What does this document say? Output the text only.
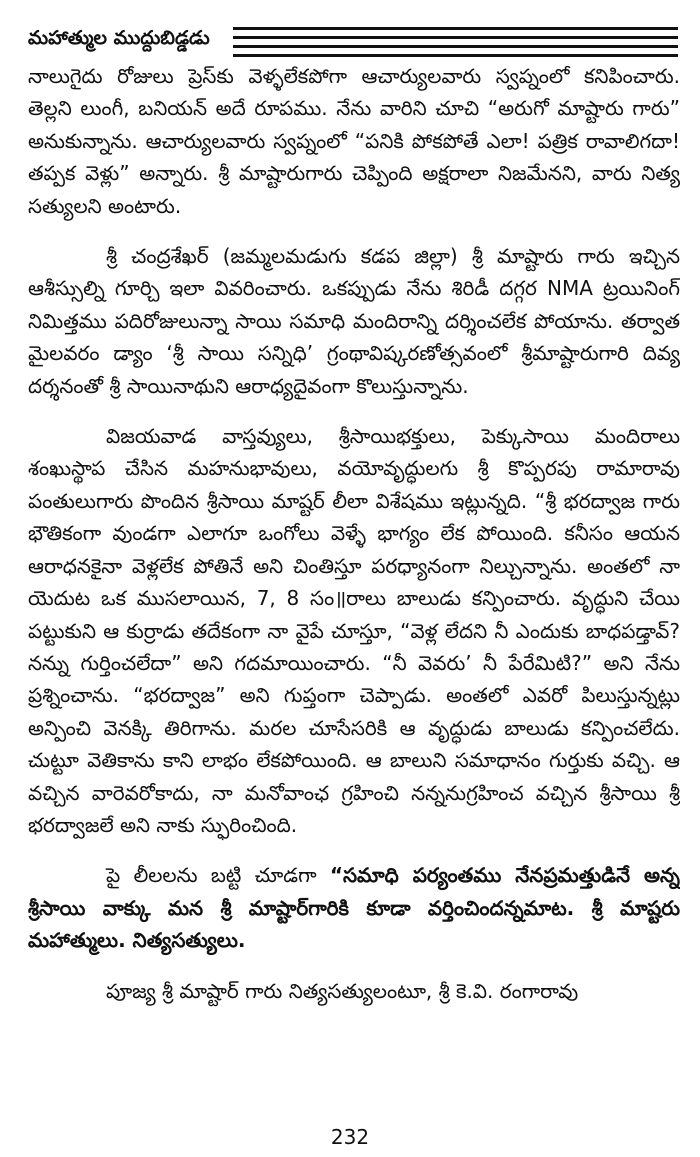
మహాత్ముల ముద్దుబిడ్డడు

నాలుగైదు రోజులు ప్రెస్‌కు వెళ్ళలేకపోగా ఆచార్యులవారు స్వప్నంలో కనిపించారు. తెల్లని లుంగీ, బనియన్ అదే రూపము. నేను వారిని చూచి “అరుగో మాష్టారు గారు” అనుకున్నాను. ఆచార్యులవారు స్వప్నంలో “పనికి పోకపోతే ఎలా! పత్రిక రావాలిగదా! తప్పక వెళ్లు” అన్నారు. శ్రీ మాష్టారుగారు చెప్పింది అక్షరాలా నిజమేనని, వారు నిత్య సత్యులని అంటారు.

శ్రీ చంద్రశేఖర్ (జమ్మలమడుగు కడప జిల్లా) శ్రీ మాష్టారు గారు ఇచ్చిన ఆశీస్సుల్ని గూర్చి ఇలా వివరించారు. ఒకప్పుడు నేను శిరిడీ దగ్గర NMA ట్రయినింగ్ నిమిత్తము పదిరోజులున్నా సాయి సమాధి మందిరాన్ని దర్శించలేక పోయాను. తర్వాత మైలవరం డ్యాం ‘శ్రీ సాయి సన్నిధి’ గ్రంథావిష్కరణోత్సవంలో శ్రీమాష్టారుగారి దివ్య దర్శనంతో శ్రీ సాయినాథుని ఆరాధ్యదైవంగా కొలుస్తున్నాను.

విజయవాడ వాస్తవ్యులు, శ్రీసాయిభక్తులు, పెక్కుసాయి మందిరాలు శంఖుస్థాప చేసిన మహనుభావులు, వయోవృద్ధులగు శ్రీ కొప్పరపు రామారావు పంతులుగారు పొందిన శ్రీసాయి మాష్టర్ లీలా విశేషము ఇట్లున్నది. “శ్రీ భరద్వాజ గారు భౌతికంగా వుండగా ఎలాగూ ఒంగోలు వెళ్ళే భాగ్యం లేక పోయింది. కనీసం ఆయన ఆరాధనకైనా వెళ్లలేక పోతినే అని చింతిస్తూ పరధ్యానంగా నిల్చున్నాను. అంతలో నా యెదుట ఒక ముసలాయిన, 7, 8 సం॥రాలు బాలుడు కన్పించారు. వృద్ధుని చేయి పట్టుకుని ఆ కుర్రాడు తదేకంగా నా వైపే చూస్తూ, “వెళ్ల లేదని నీ ఎందుకు బాధపడ్తావ్? నన్ను గుర్తించలేదా” అని గదమాయించారు. “నీ వెవరు’ నీ పేరేమిటి?” అని నేను ప్రశ్నించాను. “భరద్వాజ” అని గుప్తంగా చెప్పాడు. అంతలో ఎవరో పిలుస్తున్నట్లు అన్పించి వెనక్కి తిరిగాను. మరల చూసేసరికి ఆ వృద్ధుడు బాలుడు కన్పించలేదు. చుట్టూ వెతికాను కాని లాభం లేకపోయింది. ఆ బాలుని సమాధానం గుర్తుకు వచ్చి. ఆ వచ్చిన వారెవరోకాదు, నా మనోవాంఛ గ్రహించి నన్ననుగ్రహించ వచ్చిన శ్రీసాయి శ్రీ భరద్వాజలే అని నాకు స్ఫురించింది.

పై లీలలను బట్టి చూడగా “సమాధి పర్యంతము నేనప్రమత్తుడినే అన్న శ్రీసాయి వాక్కు మన శ్రీ మాష్టార్‌గారికి కూడా వర్తించిందన్నమాట. శ్రీ మాష్టరు మహాత్ములు. నిత్యసత్యులు.

పూజ్య శ్రీ మాష్టార్ గారు నిత్యసత్యులంటూ, శ్రీ కె.వి. రంగారావు

232
